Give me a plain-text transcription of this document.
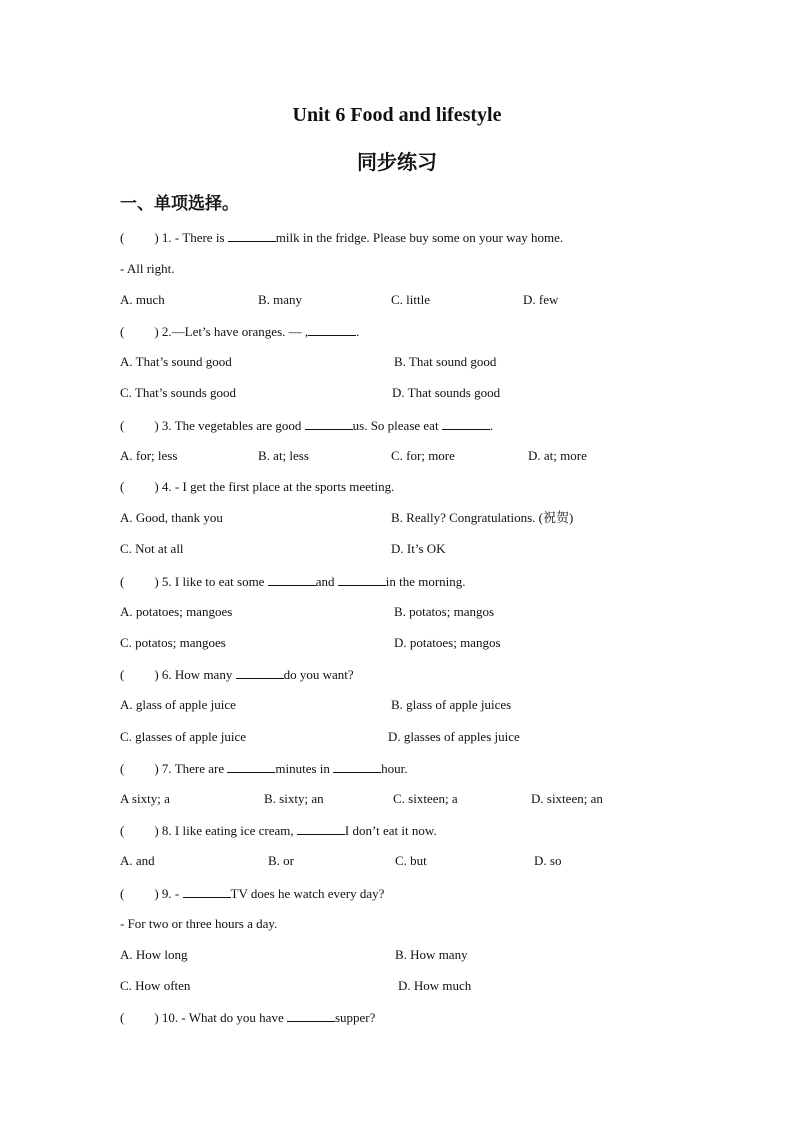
Unit 6 Food and lifestyle
同步练习
一、单项选择。
( ) 1. - There is	milk in the fridge. Please buy some on your way home.
- All right.
A. much	B. many	C. little	D. few
( ) 2.—Let’s have oranges. — ,	.
A. That’s sound good	B. That sound good
C. That’s sounds good	D. That sounds good
( ) 3. The vegetables are good	us. So please eat	.
A. for; less	B. at; less	C. for; more	D. at; more
( ) 4. - I get the first place at the sports meeting.
A. Good, thank you	B. Really? Congratulations. (祝贺)
C. Not at all	D. It’s OK
( ) 5. I like to eat some	and	in the morning.
A. potatoes; mangoes	B. potatos; mangos
C. potatos; mangoes	D. potatoes; mangos
( ) 6. How many	do you want?
A. glass of apple juice	B. glass of apple juices
C. glasses of apple juice	D. glasses of apples juice
( ) 7. There are	minutes in	hour.
A sixty; a	B. sixty; an	C. sixteen; a	D. sixteen; an
( ) 8. I like eating ice cream,	I don’t eat it now.
A. and	B. or	C. but	D. so
( ) 9. -	TV does he watch every day?
- For two or three hours a day.
A. How long	B. How many
C. How often	D. How much
( ) 10. - What do you have	supper?
